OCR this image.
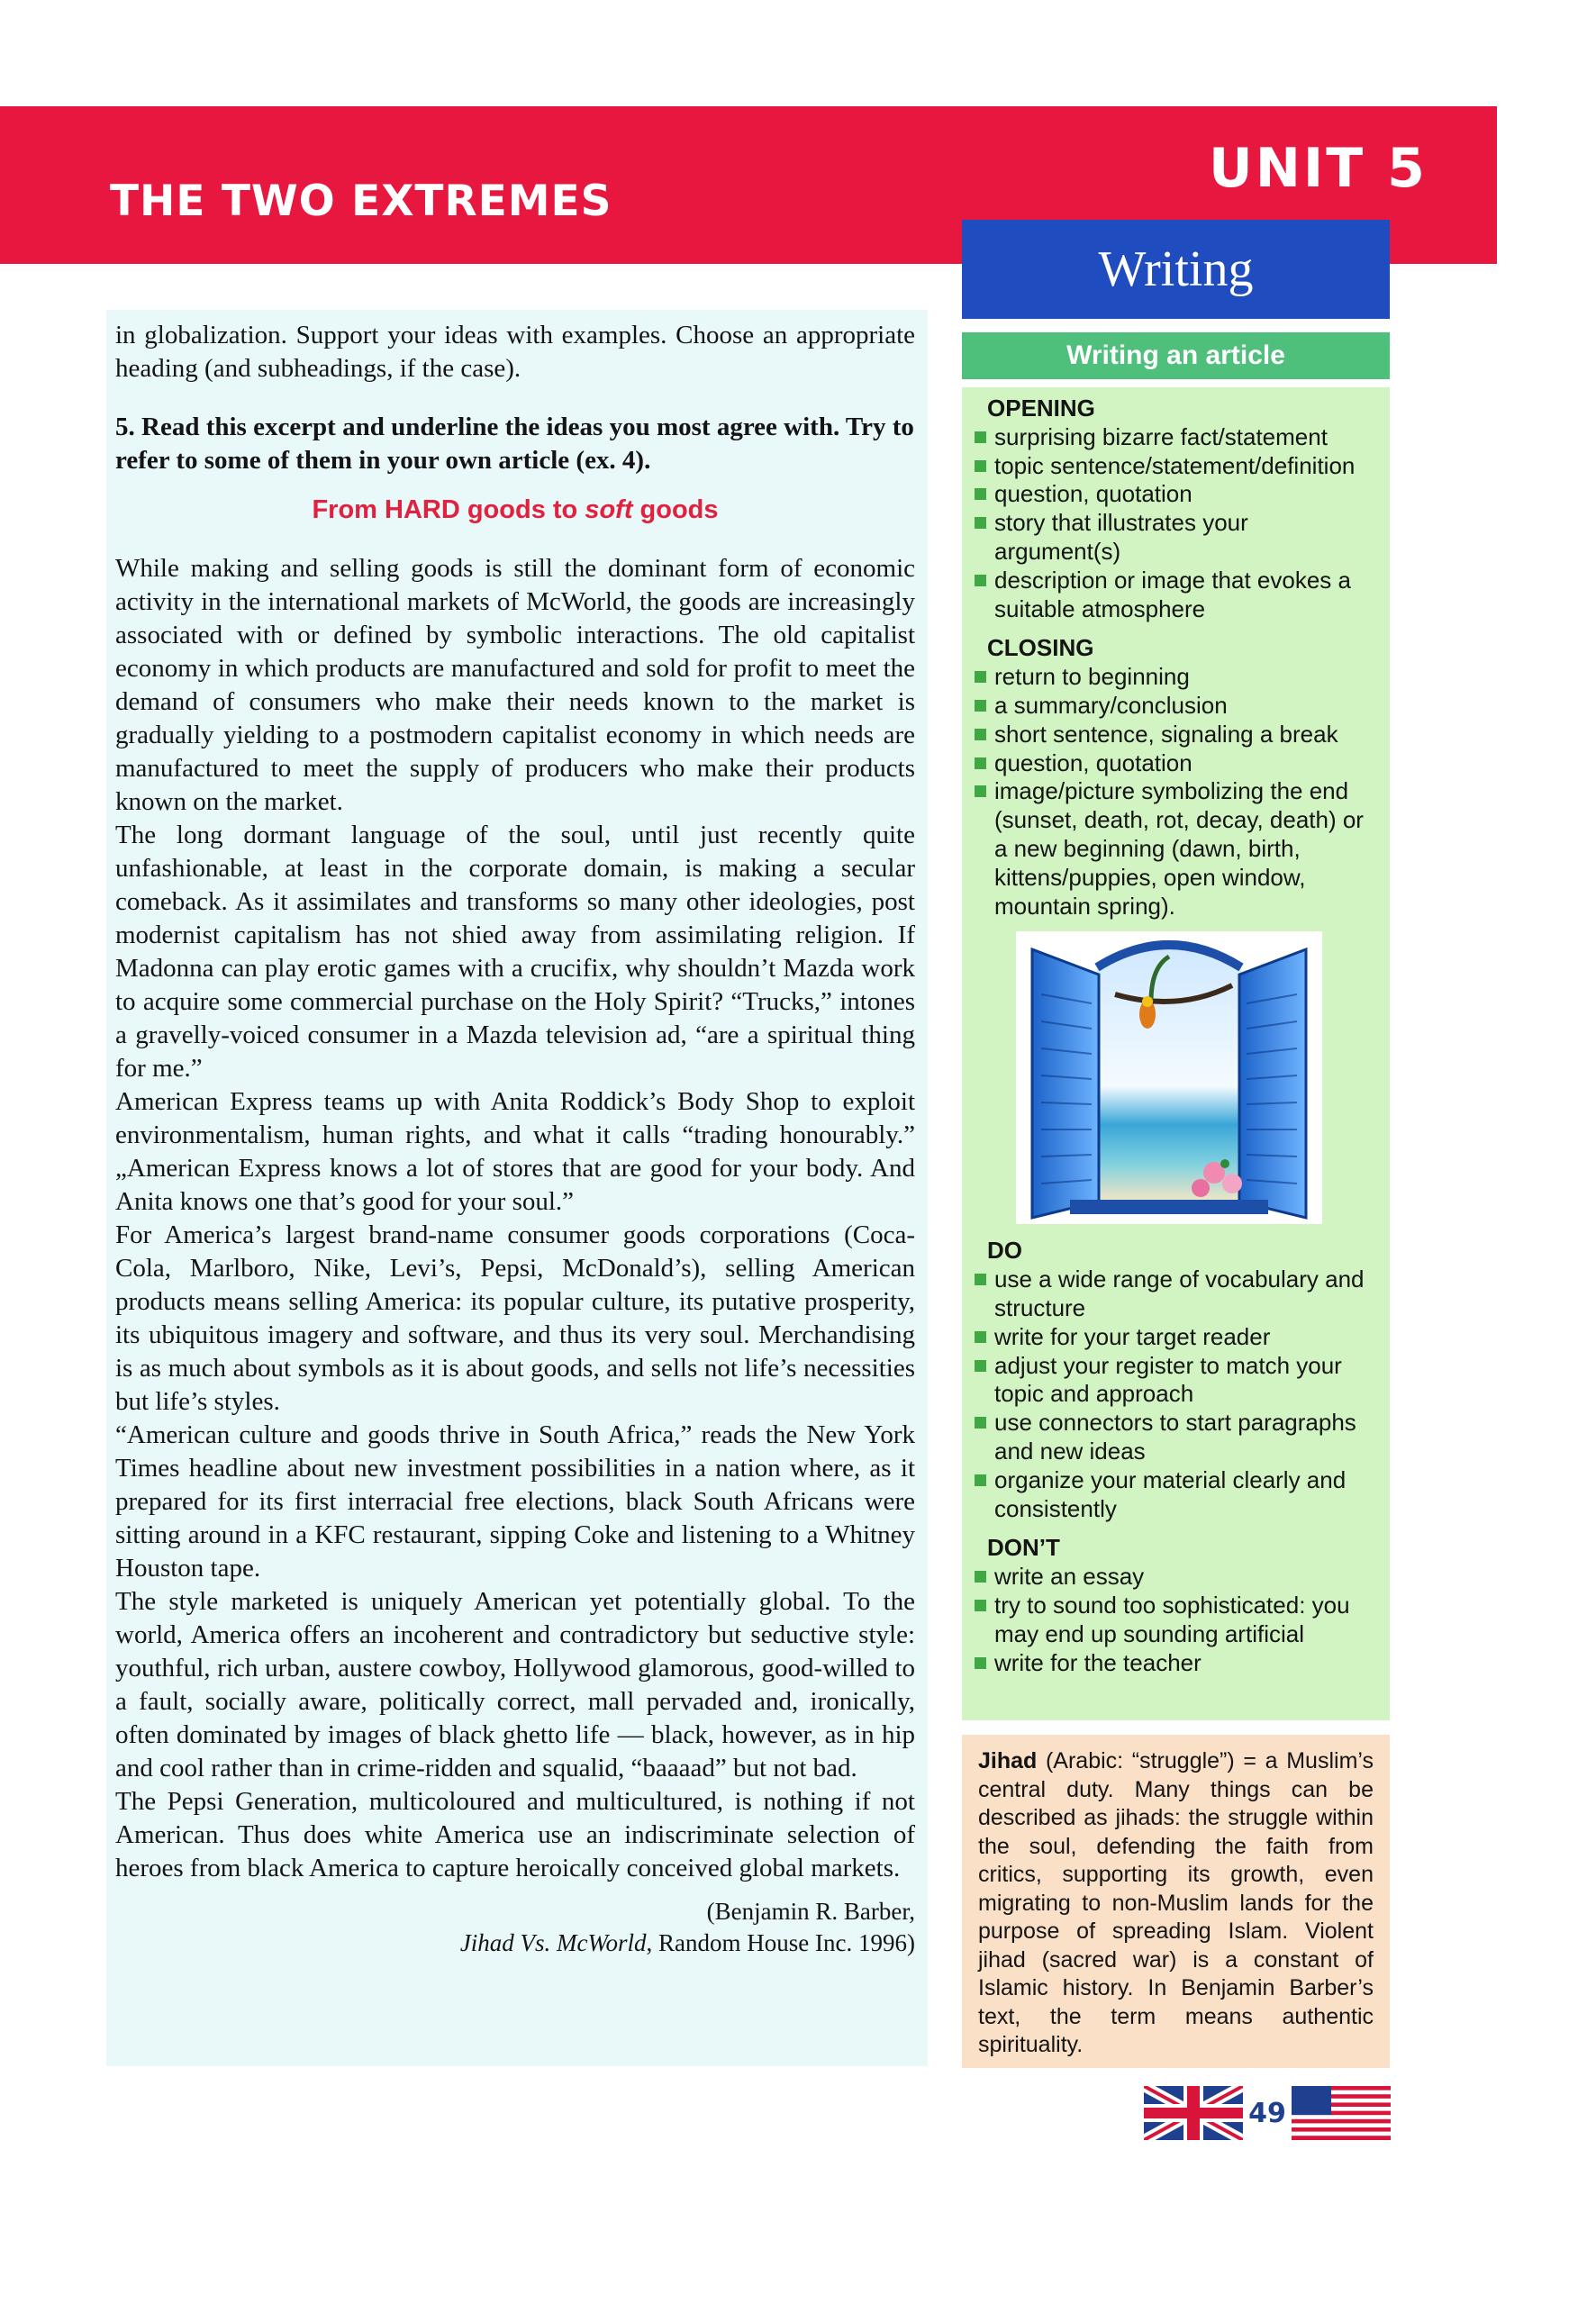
THE TWO EXTREMES
UNIT 5
Writing
Writing an article

in globalization. Support your ideas with examples. Choose an appropriate heading (and subheadings, if the case).

5. Read this excerpt and underline the ideas you most agree with. Try to refer to some of them in your own article (ex. 4).

From HARD goods to soft goods

While making and selling goods is still the dominant form of economic activity in the international markets of McWorld, the goods are increasingly associated with or defined by symbolic interactions. The old capitalist economy in which products are manufactured and sold for profit to meet the demand of consumers who make their needs known to the market is gradually yielding to a postmodern capitalist economy in which needs are manufactured to meet the supply of producers who make their products known on the market.

The long dormant language of the soul, until just recently quite unfashionable, at least in the corporate domain, is making a secular comeback. As it assimilates and transforms so many other ideologies, post modernist capitalism has not shied away from assimilating religion. If Madonna can play erotic games with a crucifix, why shouldn’t Mazda work to acquire some commercial purchase on the Holy Spirit? “Trucks,” intones a gravelly-voiced consumer in a Mazda television ad, “are a spiritual thing for me.”

American Express teams up with Anita Roddick’s Body Shop to exploit environmentalism, human rights, and what it calls “trading honourably.” „American Express knows a lot of stores that are good for your body. And Anita knows one that’s good for your soul.”

For America’s largest brand-name consumer goods corporations (Coca-Cola, Marlboro, Nike, Levi’s, Pepsi, McDonald’s), selling American products means selling America: its popular culture, its putative prosperity, its ubiquitous imagery and software, and thus its very soul. Merchandising is as much about symbols as it is about goods, and sells not life’s necessities but life’s styles.

“American culture and goods thrive in South Africa,” reads the New York Times headline about new investment possibilities in a nation where, as it prepared for its first interracial free elections, black South Africans were sitting around in a KFC restaurant, sipping Coke and listening to a Whitney Houston tape.

The style marketed is uniquely American yet potentially global. To the world, America offers an incoherent and contradictory but seductive style: youthful, rich urban, austere cowboy, Hollywood glamorous, good-willed to a fault, socially aware, politically correct, mall pervaded and, ironically, often dominated by images of black ghetto life — black, however, as in hip and cool rather than in crime-ridden and squalid, “baaaad” but not bad.

The Pepsi Generation, multicoloured and multicultured, is nothing if not American. Thus does white America use an indiscriminate selection of heroes from black America to capture heroically conceived global markets.

(Benjamin R. Barber,
Jihad Vs. McWorld, Random House Inc. 1996)
OPENING
surprising bizarre fact/statement
topic sentence/statement/definition
question, quotation
story that illustrates your argument(s)
description or image that evokes a suitable atmosphere
CLOSING
return to beginning
a summary/conclusion
short sentence, signaling a break
question, quotation
image/picture symbolizing the end (sunset, death, rot, decay, death) or a new beginning (dawn, birth, kittens/puppies, open window, mountain spring).
DO
use a wide range of vocabulary and structure
write for your target reader
adjust your register to match your topic and approach
use connectors to start paragraphs and new ideas
organize your material clearly and consistently
DON’T
write an essay
try to sound too sophisticated: you may end up sounding artificial
write for the teacher
Jihad (Arabic: “struggle”) = a Muslim’s central duty. Many things can be described as jihads: the struggle within the soul, defending the faith from critics, supporting its growth, even migrating to non-Muslim lands for the purpose of spreading Islam. Violent jihad (sacred war) is a constant of Islamic history. In Benjamin Barber’s text, the term means authentic spirituality.
49
